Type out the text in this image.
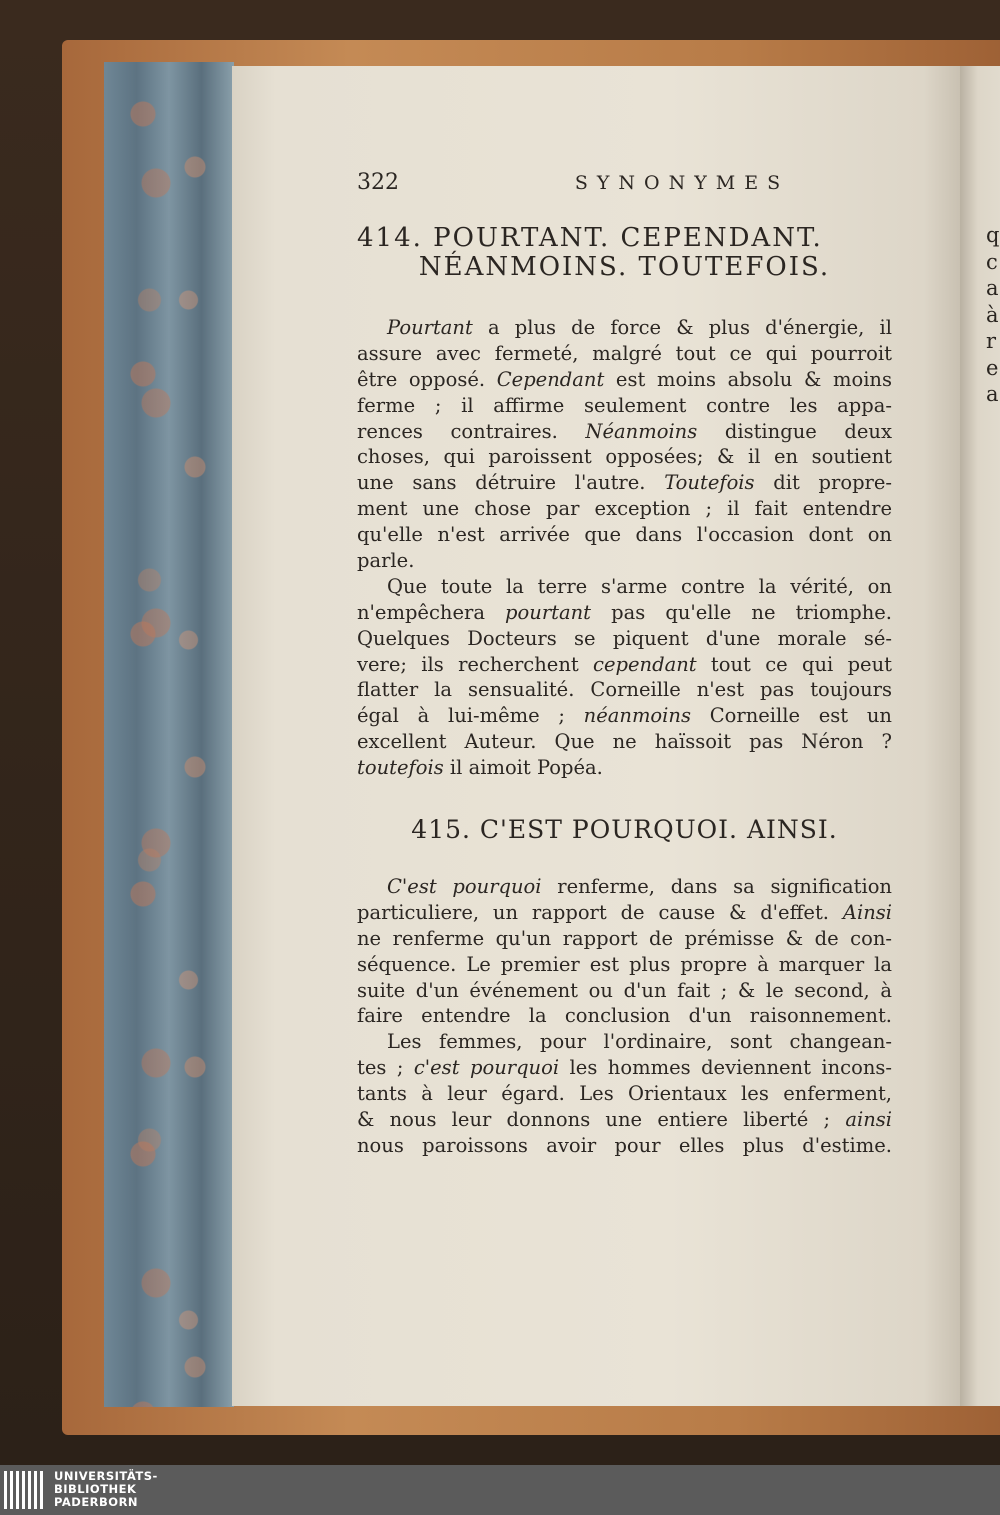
q
c
a
à
r
e
a
322	SYNONYMES
414. POURTANT. CEPENDANT.
NÉANMOINS. TOUTEFOIS.
Pourtant a plus de force & plus d'énergie, il
assure avec fermeté, malgré tout ce qui pourroit
être opposé. Cependant est moins absolu & moins
ferme ; il affirme seulement contre les appa-
rences contraires. Néanmoins distingue deux
choses, qui paroissent opposées; & il en soutient
une sans détruire l'autre. Toutefois dit propre-
ment une chose par exception ; il fait entendre
qu'elle n'est arrivée que dans l'occasion dont on
parle.
Que toute la terre s'arme contre la vérité, on
n'empêchera pourtant pas qu'elle ne triomphe.
Quelques Docteurs se piquent d'une morale sé-
vere; ils recherchent cependant tout ce qui peut
flatter la sensualité. Corneille n'est pas toujours
égal à lui-même ; néanmoins Corneille est un
excellent Auteur. Que ne haïssoit pas Néron ?
toutefois il aimoit Popéa.
415. C'EST POURQUOI. AINSI.
C'est pourquoi renferme, dans sa signification
particuliere, un rapport de cause & d'effet. Ainsi
ne renferme qu'un rapport de prémisse & de con-
séquence. Le premier est plus propre à marquer la
suite d'un événement ou d'un fait ; & le second, à
faire entendre la conclusion d'un raisonnement.
Les femmes, pour l'ordinaire, sont changean-
tes ; c'est pourquoi les hommes deviennent incons-
tants à leur égard. Les Orientaux les enferment,
& nous leur donnons une entiere liberté ; ainsi
nous paroissons avoir pour elles plus d'estime.
UNIVERSITÄTS-
BIBLIOTHEK
PADERBORN
